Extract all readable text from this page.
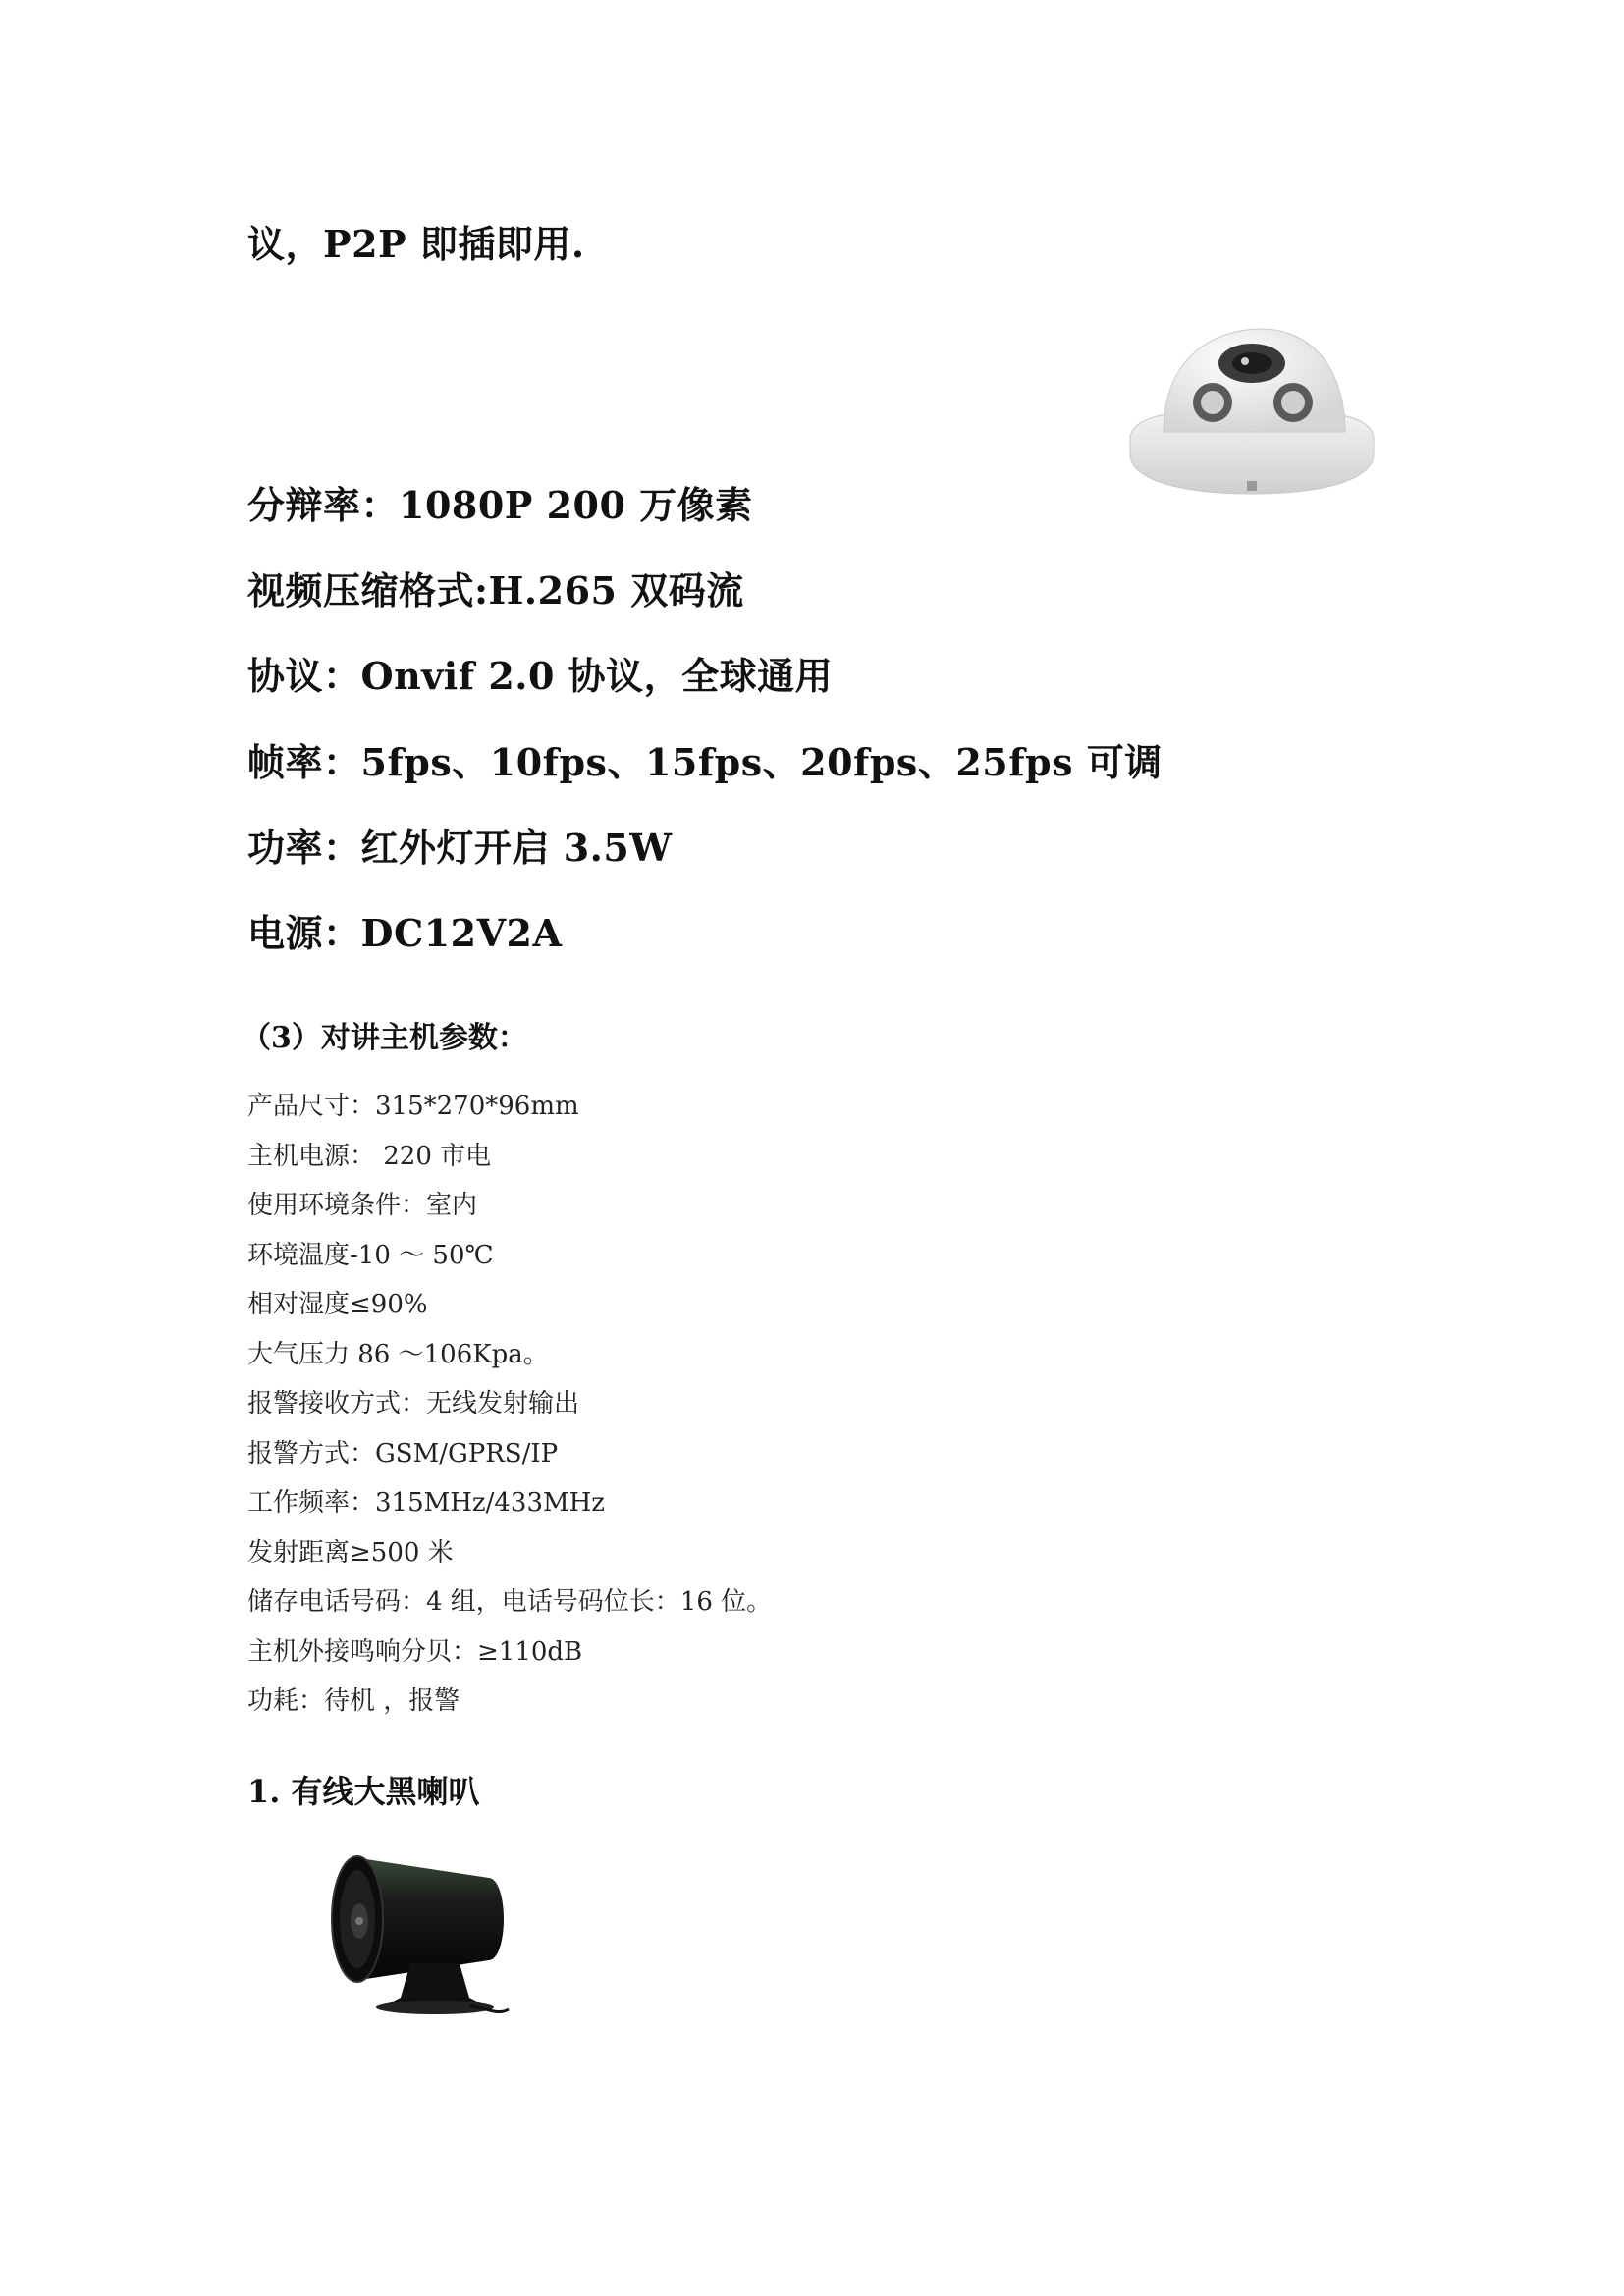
议，P2P 即插即用.
分辩率：1080P 200 万像素
视频压缩格式:H.265 双码流
协议：Onvif 2.0 协议，全球通用
帧率：5fps、10fps、15fps、20fps、25fps 可调
功率：红外灯开启 3.5W
电源：DC12V2A
（3）对讲主机参数：
产品尺寸：315*270*96mm
主机电源： 220 市电
使用环境条件：室内
环境温度-10 ～ 50℃
相对湿度≤90%
大气压力 86 ～106Kpa。
报警接收方式：无线发射输出
报警方式：GSM/GPRS/IP
工作频率：315MHz/433MHz
发射距离≥500 米
储存电话号码：4 组，电话号码位长：16 位。
主机外接鸣响分贝：≥110dB
功耗：待机 ，报警
1. 有线大黑喇叭
